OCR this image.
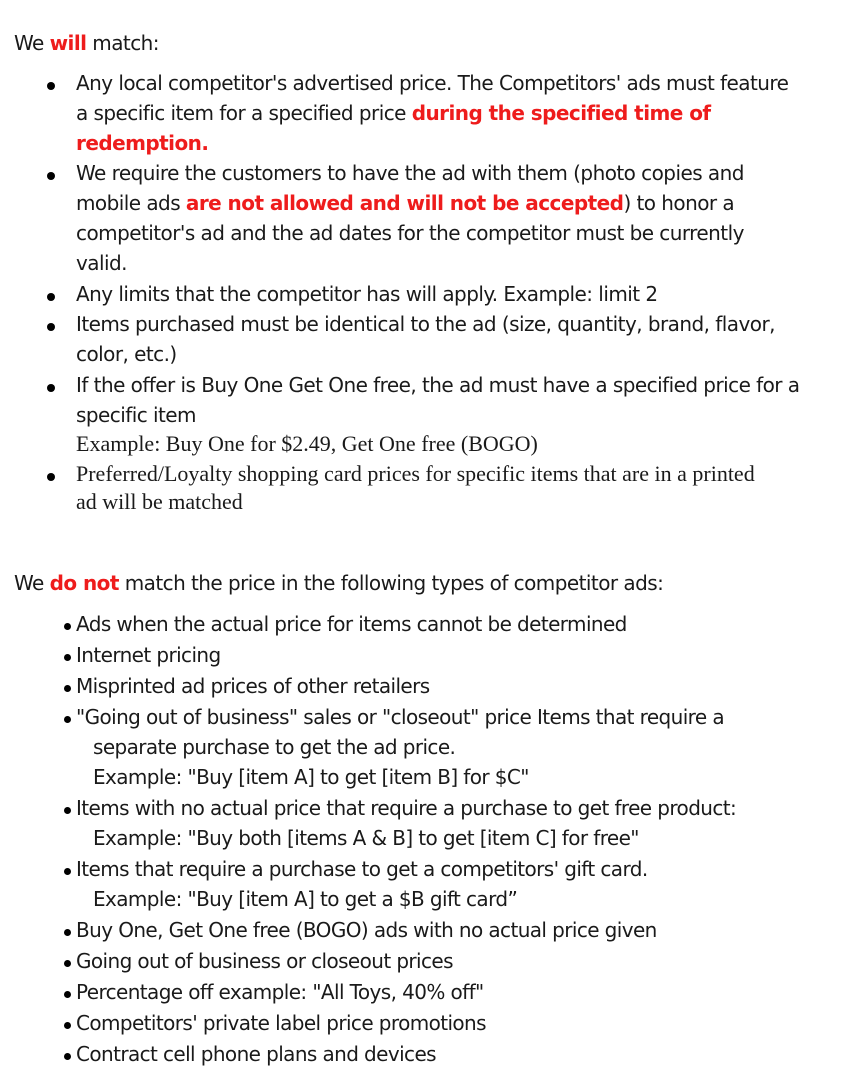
We will match:
Any local competitor's advertised price. The Competitors' ads must feature
a specific item for a specified price during the specified time of
redemption.
We require the customers to have the ad with them (photo copies and
mobile ads are not allowed and will not be accepted) to honor a
competitor's ad and the ad dates for the competitor must be currently
valid.
Any limits that the competitor has will apply. Example: limit 2
Items purchased must be identical to the ad (size, quantity, brand, flavor,
color, etc.)
If the offer is Buy One Get One free, the ad must have a specified price for a
specific item
Example: Buy One for $2.49, Get One free (BOGO)
Preferred/Loyalty shopping card prices for specific items that are in a printed
ad will be matched
We do not match the price in the following types of competitor ads:
Ads when the actual price for items cannot be determined
Internet pricing
Misprinted ad prices of other retailers
"Going out of business" sales or "closeout" price Items that require a
separate purchase to get the ad price.
Example: "Buy [item A] to get [item B] for $C"
Items with no actual price that require a purchase to get free product:
Example: "Buy both [items A & B] to get [item C] for free"
Items that require a purchase to get a competitors' gift card.
Example: "Buy [item A] to get a $B gift card”
Buy One, Get One free (BOGO) ads with no actual price given
Going out of business or closeout prices
Percentage off example: "All Toys, 40% off"
Competitors' private label price promotions
Contract cell phone plans and devices
